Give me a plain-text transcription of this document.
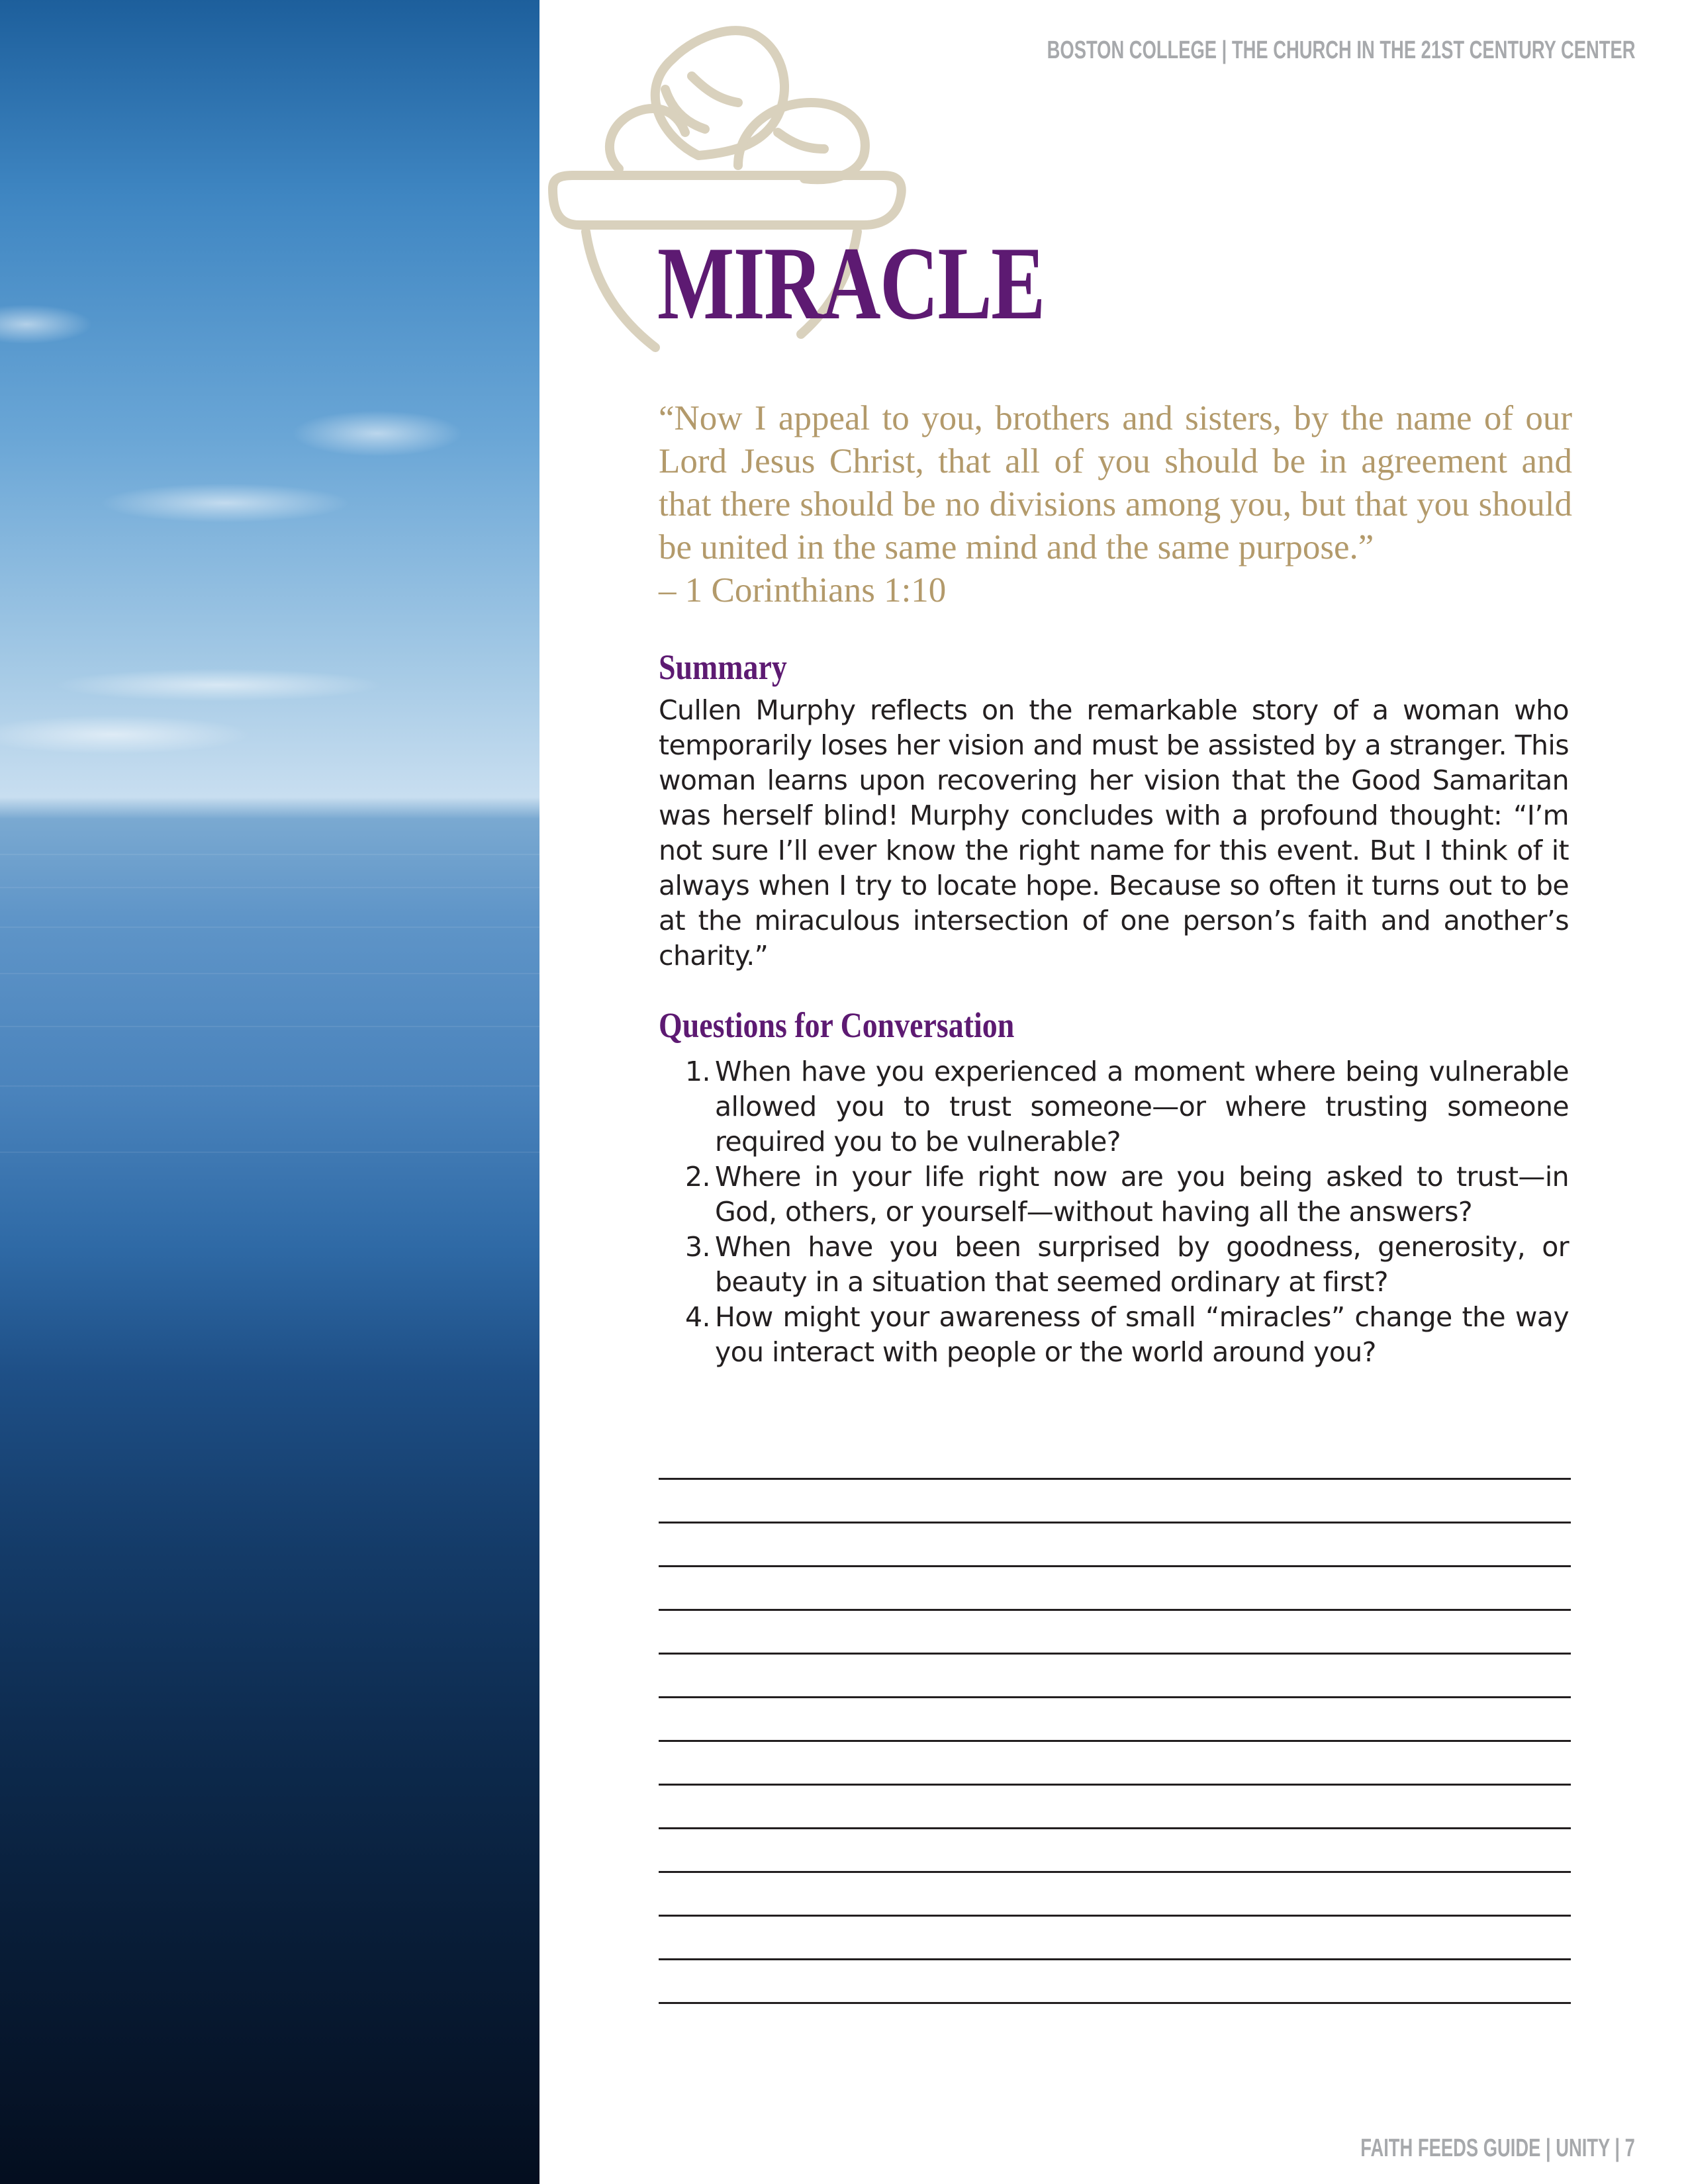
BOSTON COLLEGE | THE CHURCH IN THE 21ST CENTURY CENTER
MIRACLE
“Now I appeal to you, brothers and sisters, by the name of our Lord Jesus Christ, that all of you should be in agreement and that there should be no divisions among you, but that you should be united in the same mind and the same purpose.”
– 1 Corinthians 1:10
Summary
Cullen Murphy reflects on the remarkable story of a woman who temporarily loses her vision and must be assisted by a stranger. This woman learns upon recovering her vision that the Good Samaritan was herself blind! Murphy concludes with a profound thought: “I’m not sure I’ll ever know the right name for this event. But I think of it always when I try to locate hope. Because so often it turns out to be at the miraculous intersection of one person’s faith and another’s charity.”
Questions for Conversation
1. When have you experienced a moment where being vulnerable allowed you to trust someone—or where trusting someone required you to be vulnerable?
2. Where in your life right now are you being asked to trust—in God, others, or yourself—without having all the answers?
3. When have you been surprised by goodness, generosity, or beauty in a situation that seemed ordinary at first?
4. How might your awareness of small “miracles” change the way you interact with people or the world around you?
FAITH FEEDS GUIDE | UNITY | 7
